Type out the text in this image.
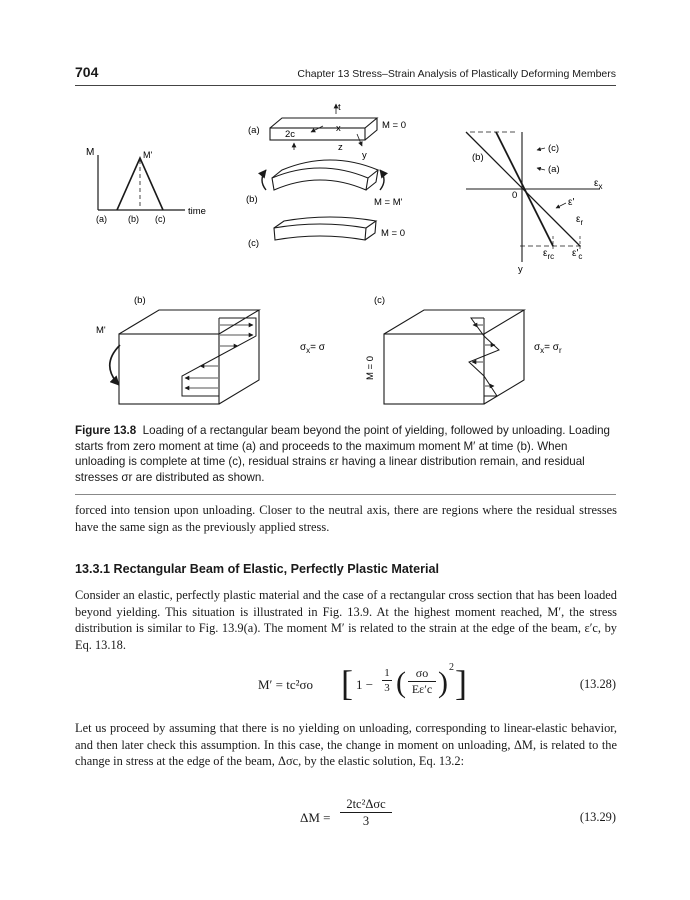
704	Chapter 13 Stress–Strain Analysis of Plastically Deforming Members
M	M'
time
(a) (b) (c)
(a)	2c
t
x
z
y
M = 0
(b)	M = M'
(c)
M = 0
(b)
(c)
(a)
0
$\varepsilon_x$
y
ε'
$\varepsilon_r$
$\varepsilon_{rc}$ $\varepsilon'_c$
(b)
M'
$\sigma_x= \sigma$
(c)
M = 0
$\sigma_x= \sigma_r$
Figure 13.8 Loading of a rectangular beam beyond the point of yielding, followed by unloading. Loading starts from zero moment at time (a) and proceeds to the maximum moment M′ at time (b). When unloading is complete at time (c), residual strains εr having a linear distribution remain, and residual stresses σr are distributed as shown.
forced into tension upon unloading. Closer to the neutral axis, there are regions where the residual stresses have the same sign as the previously applied stress.
13.3.1 Rectangular Beam of Elastic, Perfectly Plastic Material
Consider an elastic, perfectly plastic material and the case of a rectangular cross section that has been loaded beyond yielding. This situation is illustrated in Fig. 13.9. At the highest moment reached, M′, the stress distribution is similar to Fig. 13.9(a). The moment M′ is related to the strain at the edge of the beam, ε′c, by Eq. 13.18.
M′ = tc²σo [ $1 - \frac{1}{3}$ ( $\frac{\sigma o}{E\varepsilon'c}$ ) 2 ]	(13.28)
Let us proceed by assuming that there is no yielding on unloading, corresponding to linear-elastic behavior, and then later check this assumption. In this case, the change in moment on unloading, ΔM, is related to the change in stress at the edge of the beam, Δσc, by the elastic solution, Eq. 13.2:
ΔM =
2tc²Δσc
3	(13.29)
